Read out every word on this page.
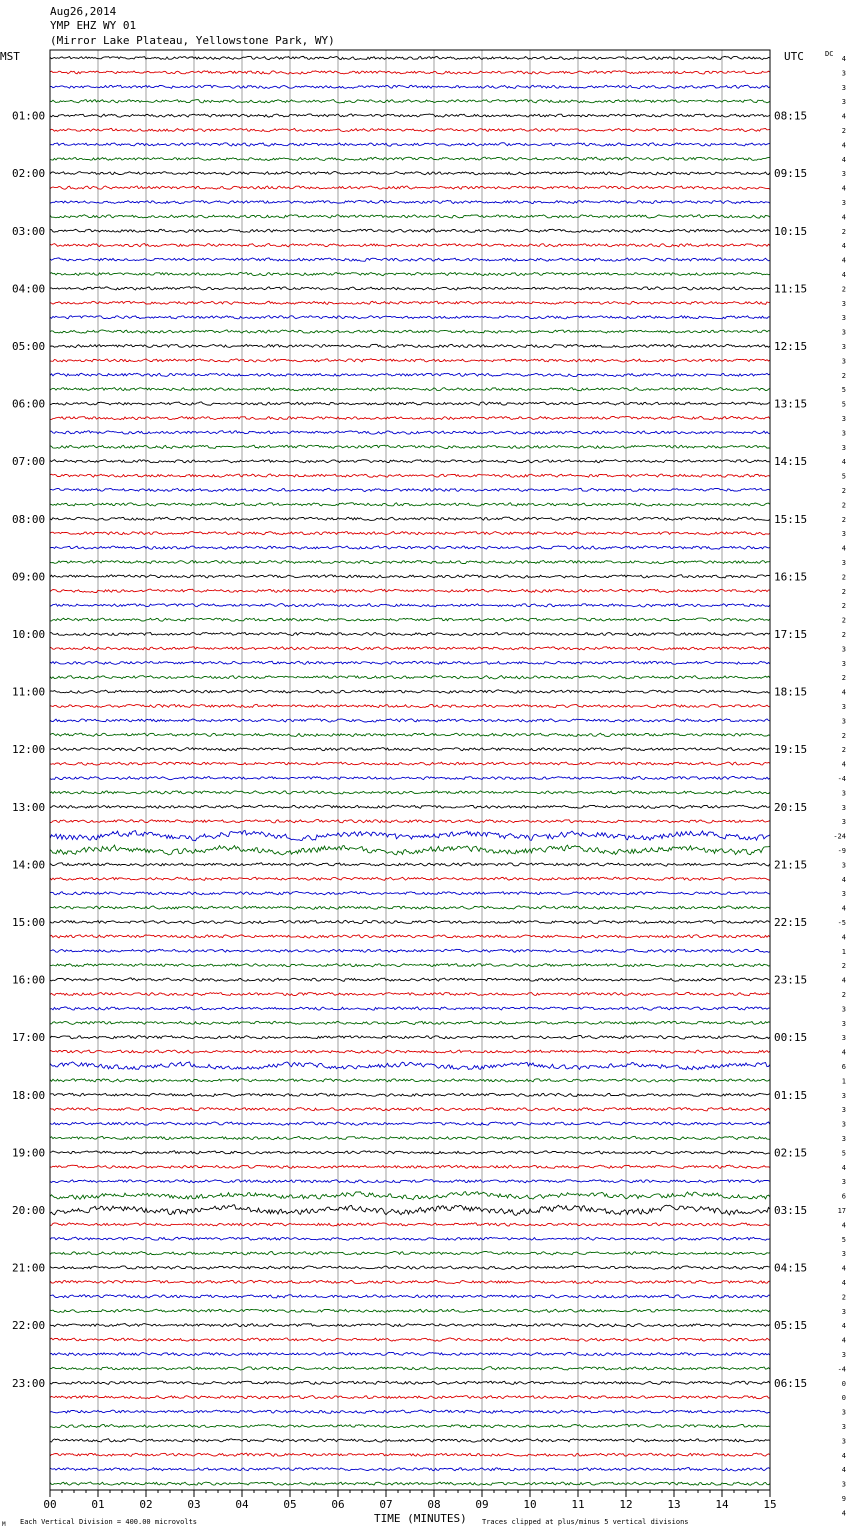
Aug26,2014
YMP EHZ WY 01
(Mirror Lake Plateau, Yellowstone Park, WY)
00	01	02	03	04	05	06	07	08	09	10	11	12	13	14	15
01:00
02:00
03:00
04:00
05:00
06:00
07:00
08:00
09:00
10:00
11:00
12:00
13:00
14:00
15:00
16:00
17:00
18:00
19:00
20:00
21:00
22:00
23:00
08:15
09:15
10:15
11:15
12:15
13:15
14:15
15:15
16:15
17:15
18:15
19:15
20:15
21:15
22:15
23:15
00:15
01:15
02:15
03:15
04:15
05:15
06:15
4
3
3
3
4
2
4
4
3
4
3
4
2
4
4
4
2
3
3
3
3
3
2
5
5
3
3
3
4
5
2
2
2
3
4
3
2
2
2
2
2
3
3
2
4
3
3
2
2
4
-4
3
3
3
-24
-9
3
4
3
4
-5
4
1
2
4
2
3
3
3
4
6
1
3
3
3
3
5
4
3
6
17
4
5
3
4
4
2
3
4
4
3
-4
0
0
3
3
3
4
4
3
9
4
MST	UTC	DC
TIME (MINUTES)
Each Vertical Division = 400.00 microvolts	Traces clipped at plus/minus 5 vertical divisions
M
